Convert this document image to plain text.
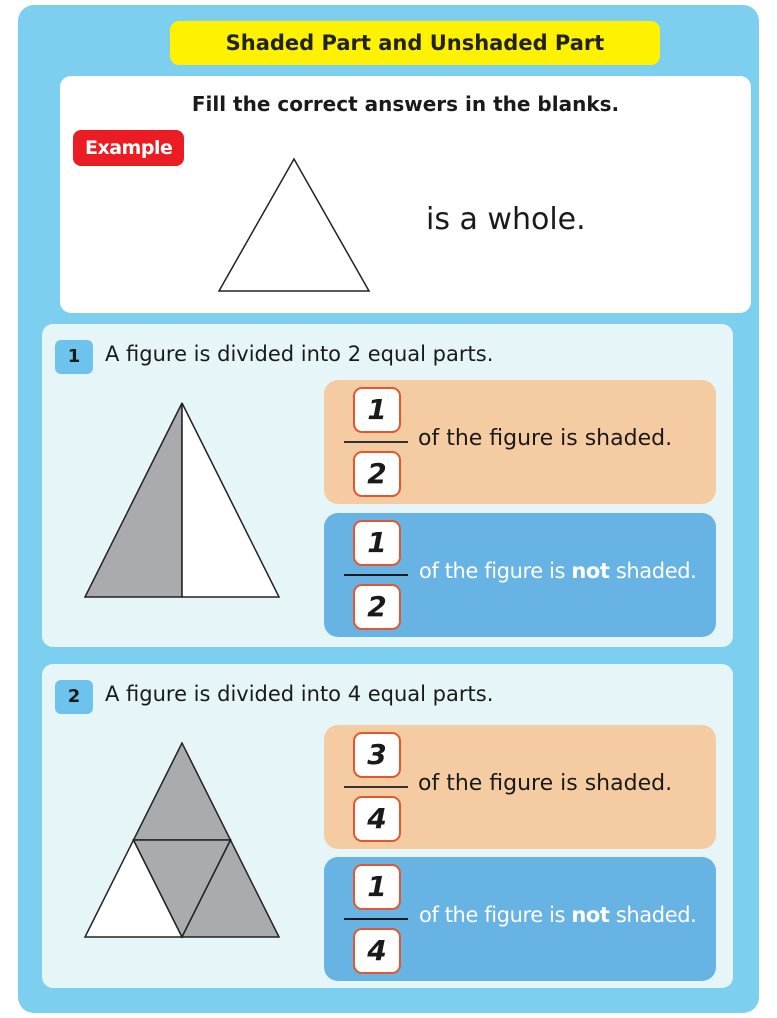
Shaded Part and Unshaded Part
Fill the correct answers in the blanks.
Example
is a whole.
1	A figure is divided into 2 equal parts.
$\frac{1}{2}$ of the figure is shaded.
$\frac{1}{2}$ of the figure is not shaded.
2	A figure is divided into 4 equal parts.
$\frac{3}{4}$ of the figure is shaded.
$\frac{1}{4}$ of the figure is not shaded.
